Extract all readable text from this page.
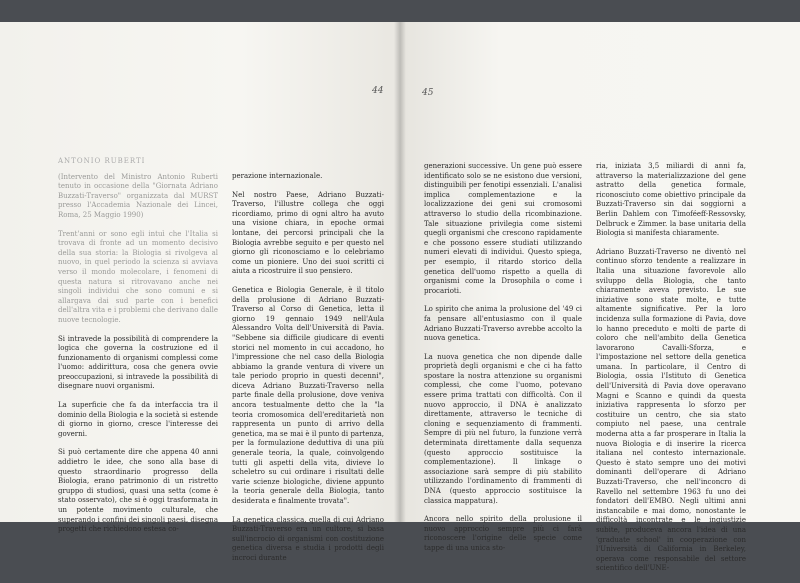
44
ANTONIO RUBERTI

(Intervento del Ministro Antonio Ruberti tenuto in occasione della "Giornata Adriano Buzzati-Traverso" organizzata dal MURST presso l'Accademia Nazionale dei Lincei, Roma, 25 Maggio 1990)

Trent'anni or sono egli intuì che l'Italia si trovava di fronte ad un momento decisivo della sua storia: la Biologia si rivolgeva al nuovo, in quel periodo la scienza si avviava verso il mondo molecolare, i fenomeni di questa natura si ritrovavano anche nei singoli individui che sono comuni e si allargava dai sud parte con i benefici dell'altra vita e i problemi che derivano dalle nuove tecnologie.

Si intravede la possibilità di comprendere la logica che governa la costruzione ed il funzionamento di organismi complessi come l'uomo: addirittura, cosa che genera ovvie preoccupazioni, si intravede la possibilità di disegnare nuovi organismi.

La superficie che fa da interfaccia tra il dominio della Biologia e la società si estende di giorno in giorno, cresce l'interesse dei governi.

Si può certamente dire che appena 40 anni addietro le idee, che sono alla base di questo straordinario progresso della Biologia, erano patrimonio di un ristretto gruppo di studiosi, quasi una setta (come è stato osservato), che si è oggi trasformata in un potente movimento culturale, che superando i confini dei singoli paesi, disegna progetti che richiedono estesa co-

perazione internazionale.

Nel nostro Paese, Adriano Buzzati-Traverso, l'illustre collega che oggi ricordiamo, primo di ogni altro ha avuto una visione chiara, in epoche ormai lontane, dei percorsi principali che la Biologia avrebbe seguito e per questo nel giorno gli riconosciamo e lo celebriamo come un pioniere. Uno dei suoi scritti ci aiuta a ricostruire il suo pensiero.

Genetica e Biologia Generale, è il titolo della prolusione di Adriano Buzzati-Traverso al Corso di Genetica, letta il giorno 19 gennaio 1949 nell'Aula Alessandro Volta dell'Università di Pavia. "Sebbene sia difficile giudicare di eventi storici nel momento in cui accadono, ho l'impressione che nel caso della Biologia abbiamo la grande ventura di vivere un tale periodo proprio in questi decenni", diceva Adriano Buzzati-Traverso nella parte finale della prolusione, dove veniva ancora testualmente detto che la "la teoria cromosomica dell'ereditarietà non rappresenta un punto di arrivo della genetica, ma se mai è il punto di partenza, per la formulazione deduttiva di una più generale teoria, la quale, coinvolgendo tutti gli aspetti della vita, divieve lo scheletro su cui ordinare i risultati delle varie scienze biologiche, diviene appunto la teoria generale della Biologia, tanto desiderata e finalmente trovata".

La genetica classica, quella di cui Adriano Buzzati-Traverso era un cultore, si basa sull'incrocio di organismi con costituzione genetica diversa e studia i prodotti degli incroci durante

45

generazioni successive. Un gene può essere identificato solo se ne esistono due versioni, distinguibili per fenotipi essenziali. L'analisi implica complementazione e la localizzazione dei geni sui cromosomi attraverso lo studio della ricombinazione. Tale situazione privilegia come sistemi quegli organismi che crescono rapidamente e che possono essere studiati utilizzando numeri elevati di individui. Questo spiega, per esempio, il ritardo storico della genetica dell'uomo rispetto a quella di organismi come la Drosophila o come i procarioti.

Lo spirito che anima la prolusione del '49 ci fa pensare all'entusiasmo con il quale Adriano Buzzati-Traverso avrebbe accolto la nuova genetica.

La nuova genetica che non dipende dalle proprietà degli organismi e che ci ha fatto spostare la nostra attenzione su organismi complessi, che come l'uomo, potevano essere prima trattati con difficoltà. Con il nuovo approccio, il DNA è analizzato direttamente, attraverso le tecniche di cloning e sequenziamento di frammenti. Sempre di più nel futuro, la funzione verrà determinata direttamente dalla sequenza (questo approccio sostituisce la complementazione). Il linkage o associazione sarà sempre di più stabilito utilizzando l'ordinamento di frammenti di DNA (questo approccio sostituisce la classica mappatura).

Ancora nello spirito della prolusione il nuovo approccio sempre più ci farà riconoscere l'origine delle specie come tappe di una unica sto-

ria, iniziata 3,5 miliardi di anni fa, attraverso la materializzazione del gene astratto della genetica formale, riconosciuto come obiettivo principale da Buzzati-Traverso sin dai soggiorni a Berlin Dahlem con Timoféeff-Ressovsky, Delbruck e Zimmer. la base unitaria della Biologia si manifesta chiaramente.

Adriano Buzzati-Traverso ne diventò nel continuo sforzo tendente a realizzare in Italia una situazione favorevole allo sviluppo della Biologia, che tanto chiaramente aveva previsto. Le sue iniziative sono state molte, e tutte altamente significative. Per la loro incidenza sulla formazione di Pavia, dove lo hanno preceduto e molti de parte di coloro che nell'ambito della Genetica lavorarono Cavalli-Sforza, e l'impostazione nel settore della genetica umana. In particolare, il Centro di Biologia, ossia l'Istituto di Genetica dell'Università di Pavia dove operavano Magni e Scanno e quindi da questa iniziativa rappresenta lo sforzo per costituire un centro, che sia stato compiuto nel paese, una centrale moderna atta a far prosperare in Italia la nuova Biologia e di inserire la ricerca italiana nel contesto internazionale. Questo è stato sempre uno dei motivi dominanti dell'operare di Adriano Buzzati-Traverso, che nell'inconcro di Ravello nel settembre 1963 fu uno dei fondatori dell'EMBO. Negli ultimi anni instancabile e mai domo, nonostante le difficoltà incontrate e le ingiustizie subite, produceva ancora l'idea di una 'graduate school' in cooperazione con l'Università di California in Berkeley, operava come responsabile del settore scientifico dell'UNE-
